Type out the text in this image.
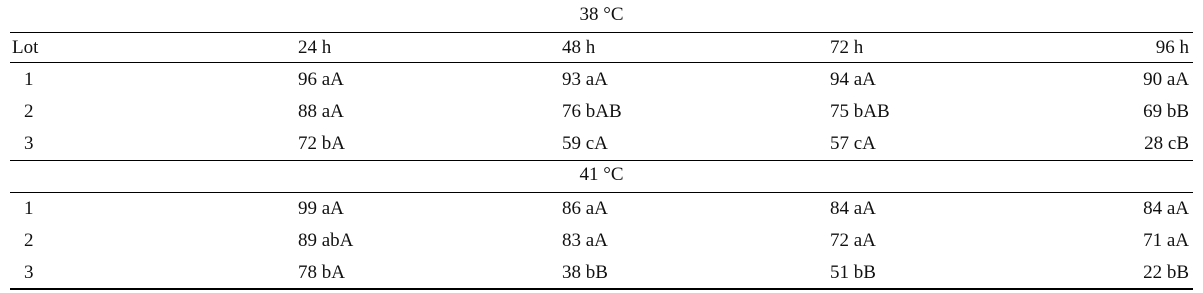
38 °C
Lot	24 h	48 h	72 h	96 h
1	96 aA	93 aA	94 aA	90 aA
2	88 aA	76 bAB	75 bAB	69 bB
3	72 bA	59 cA	57 cA	28 cB
41 °C
1	99 aA	86 aA	84 aA	84 aA
2	89 abA	83 aA	72 aA	71 aA
3	78 bA	38 bB	51 bB	22 bB
